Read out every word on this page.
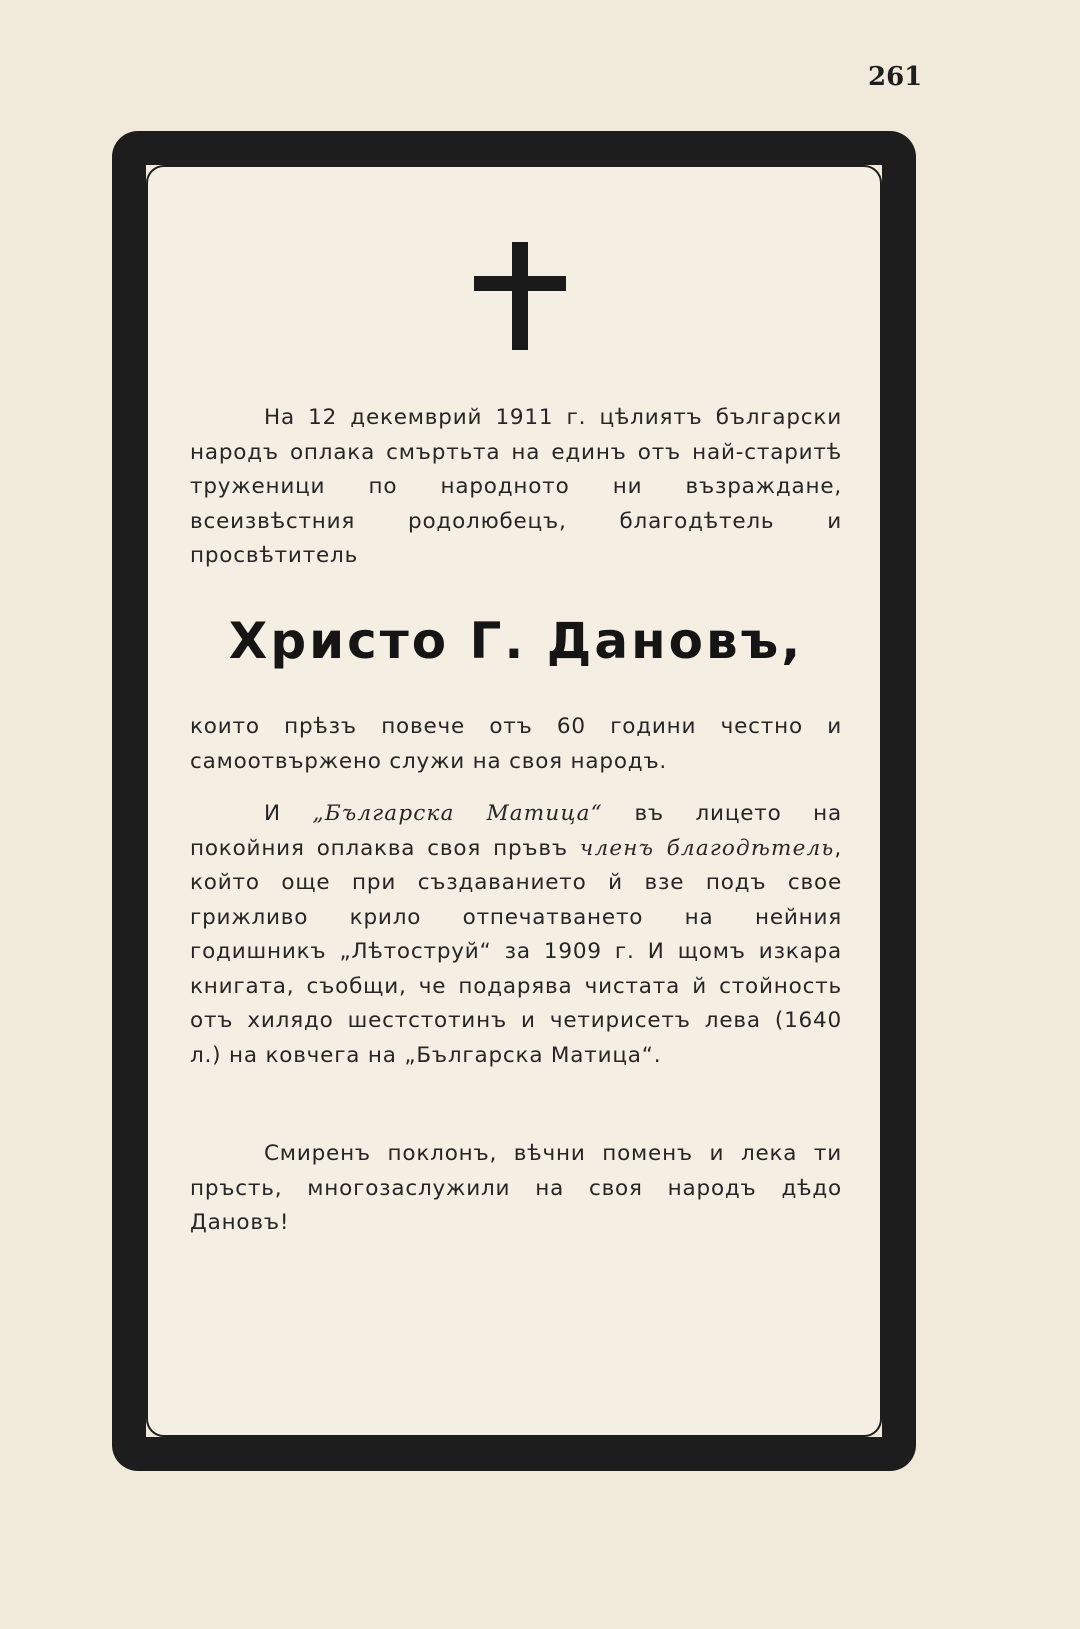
261

На 12 декемврий 1911 г. цѣлиятъ български народъ оплака смъртьта на единъ отъ най-старитѣ труженици по народното ни възраждане, всеизвѣстния родолюбецъ, благодѣтель и просвѣтитель

Христо Г. Дановъ,

които прѣзъ повече отъ 60 години честно и самоотвържено служи на своя народъ.

И „Българска Матица“ въ лицето на покойния оплаква своя пръвъ членъ благодѣтель, който още при създаванието й взе подъ свое грижливо крило отпечатването на нейния годишникъ „Лѣтоструй“ за 1909 г. И щомъ изкара книгата, съобщи, че подарява чистата й стойность отъ хилядо шестстотинъ и четирисетъ лева (1640 л.) на ковчега на „Българска Матица“.

Смиренъ поклонъ, вѣчни поменъ и лека ти пръсть, многозаслужили на своя народъ дѣдо Дановъ!
